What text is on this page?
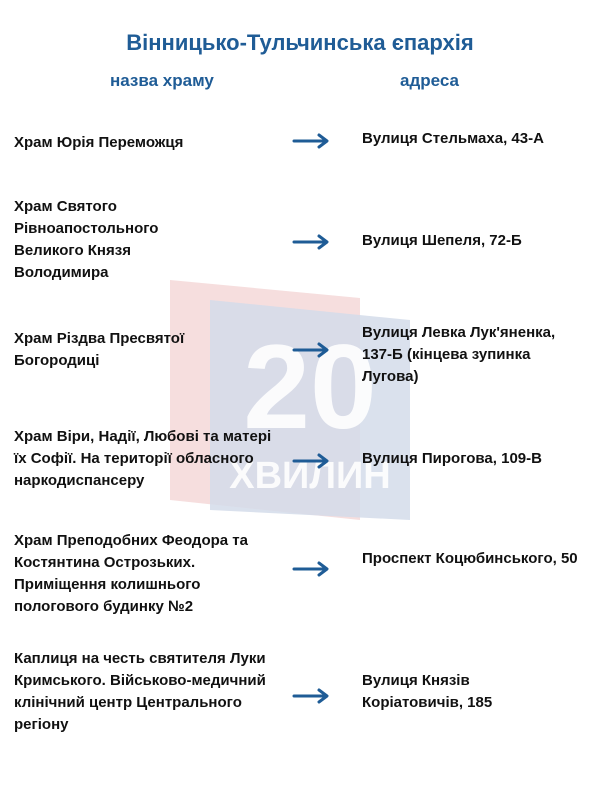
Вінницько-Тульчинська єпархія
назва храму	адреса
20
ХВИЛИН
Храм Юрія Переможця	Вулиця Стельмаха, 43-А
Храм Святого Рівноапостольного Великого Князя Володимира
Вулиця Шепеля, 72-Б
Храм Різдва Пресвятої Богородиці
Вулиця Левка Лук'яненка, 137-Б (кінцева зупинка Лугова)
Храм Віри, Надії, Любові та матері їх Софії. На території обласного наркодиспансеру
Вулиця Пирогова, 109-В
Храм Преподобних Феодора та Костянтина Острозьких. Приміщення колишнього пологового будинку №2
Проспект Коцюбинського, 50
Каплиця на честь святителя Луки Кримського. Військово-медичний клінічний центр Центрального регіону
Вулиця Князів Коріатовичів, 185
